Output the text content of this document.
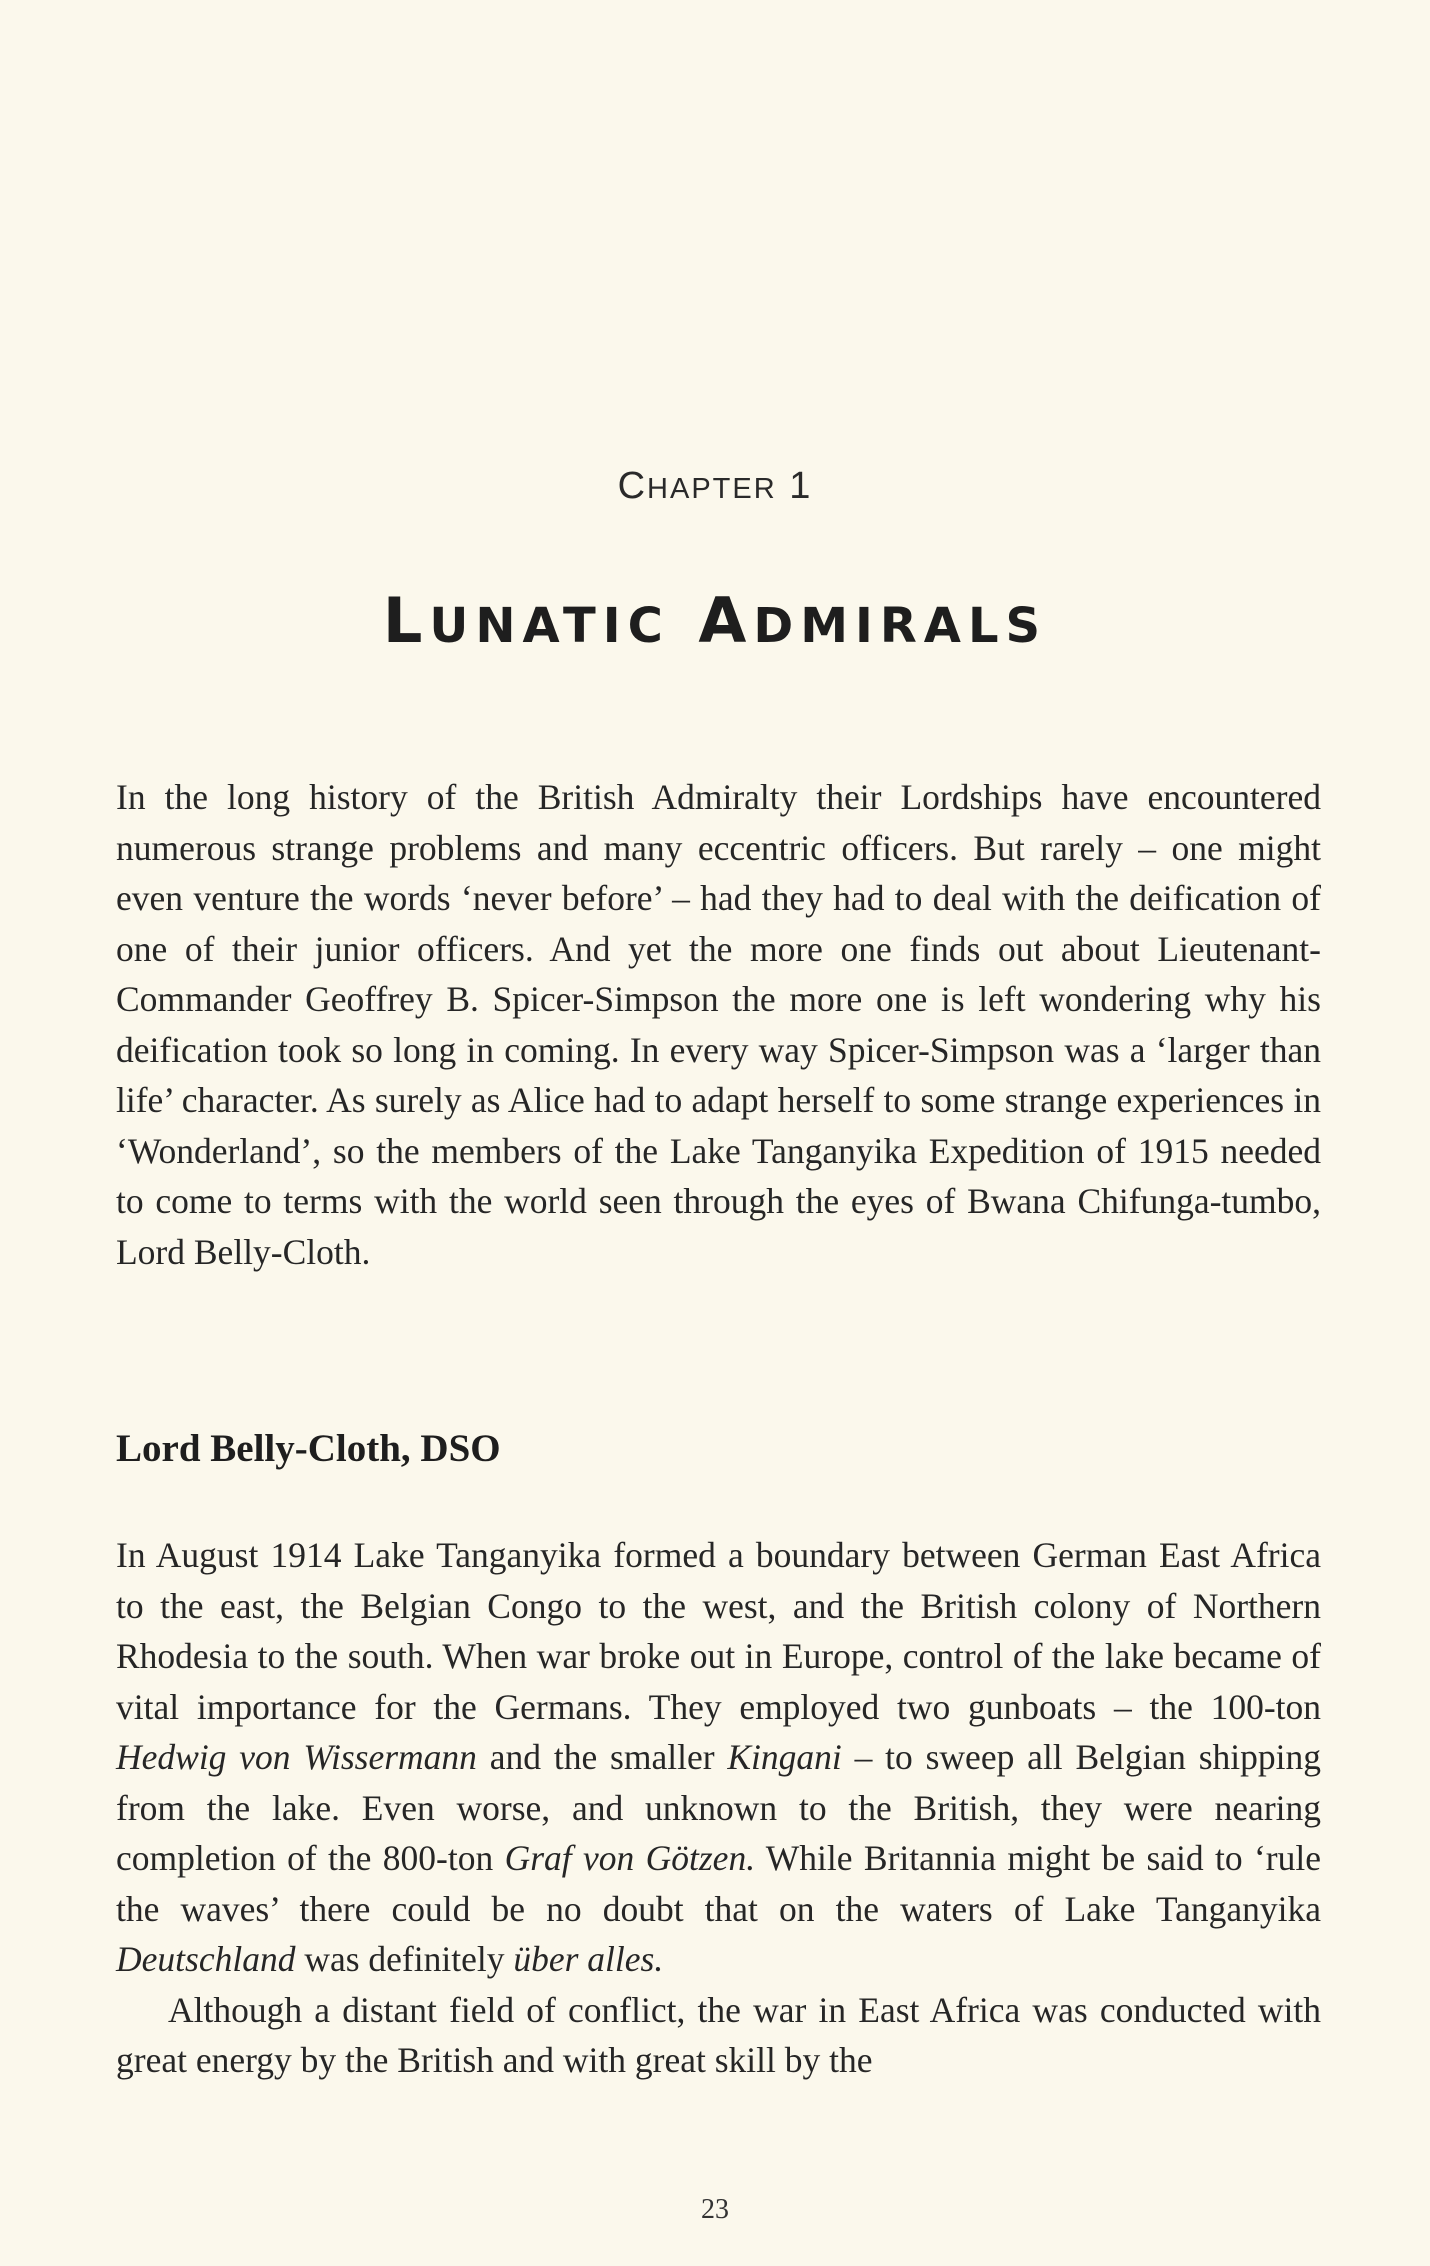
CHAPTER 1
LUNATIC ADMIRALS

In the long history of the British Admiralty their Lordships have encountered numerous strange problems and many eccentric officers. But rarely – one might even venture the words ‘never before’ – had they had to deal with the deification of one of their junior officers. And yet the more one finds out about Lieutenant-Commander Geoffrey B. Spicer-Simpson the more one is left wondering why his deification took so long in coming. In every way Spicer-Simpson was a ‘larger than life’ character. As surely as Alice had to adapt herself to some strange experiences in ‘Wonderland’, so the members of the Lake Tanganyika Expedition of 1915 needed to come to terms with the world seen through the eyes of Bwana Chifunga-tumbo, Lord Belly-Cloth.

Lord Belly-Cloth, DSO

In August 1914 Lake Tanganyika formed a boundary between German East Africa to the east, the Belgian Congo to the west, and the British colony of Northern Rhodesia to the south. When war broke out in Europe, control of the lake became of vital importance for the Germans. They employed two gunboats – the 100-ton Hedwig von Wissermann and the smaller Kingani – to sweep all Belgian shipping from the lake. Even worse, and unknown to the British, they were nearing completion of the 800-ton Graf von Götzen. While Britannia might be said to ‘rule the waves’ there could be no doubt that on the waters of Lake Tanganyika Deutschland was definitely über alles.

Although a distant field of conflict, the war in East Africa was conducted with great energy by the British and with great skill by the

23
